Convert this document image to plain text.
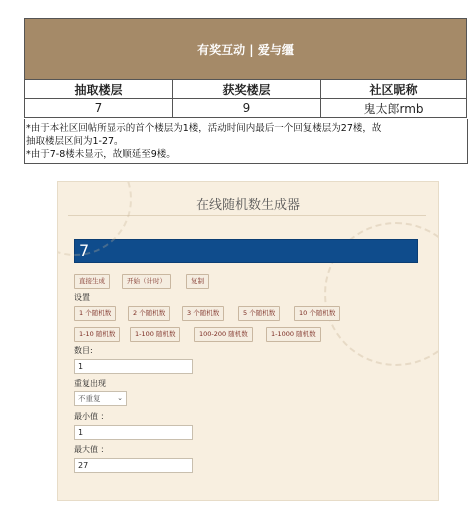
有奖互动 | 爱与缰		
抽取楼层	获奖楼层	社区昵称
7	9	鬼太郎rmb
*由于本社区回帖所显示的首个楼层为1楼，活动时间内最后一个回复楼层为27楼，故
抽取楼层区间为1-27。
*由于7-8楼未显示，故顺延至9楼。
在线随机数生成器
7
直接生成	开始（计时）	复制
设置
1 个随机数	2 个随机数	3 个随机数	5 个随机数	10 个随机数
1-10 随机数	1-100 随机数	100-200 随机数	1-1000 随机数
数目:
1
重复出现
不重复 ⌄
最小值 ：
1
最大值 ：
27
